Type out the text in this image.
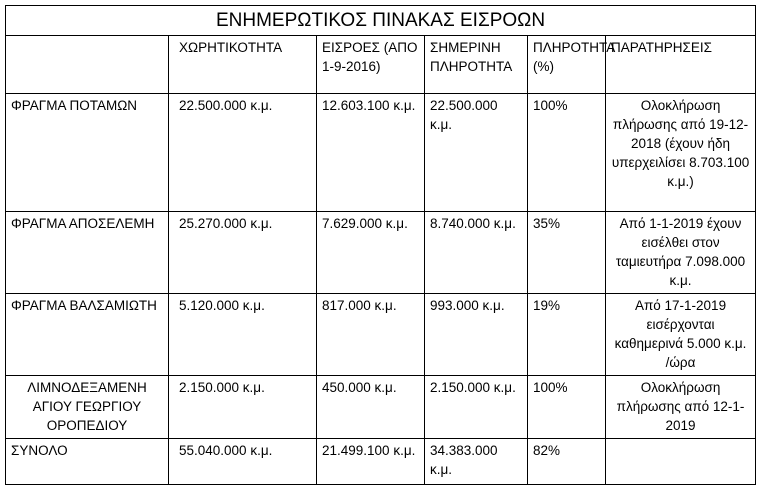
ΕΝΗΜΕΡΩΤΙΚΟΣ ΠΙΝΑΚΑΣ ΕΙΣΡΟΩΝ					
	ΧΩΡΗΤΙΚΟΤΗΤΑ	ΕΙΣΡΟΕΣ (ΑΠΟ 1-9-2016)	ΣΗΜΕΡΙΝΗ ΠΛΗΡΟΤΗΤΑ	ΠΛΗΡΟΤΗΤΑ (%)	ΠΑΡΑΤΗΡΗΣΕΙΣ
ΦΡΑΓΜΑ ΠΟΤΑΜΩΝ	22.500.000 κ.μ.	12.603.100 κ.μ.	22.500.000 κ.μ.	100%	Ολοκλήρωση πλήρωσης από 19-12-2018 (έχουν ήδη υπερχειλίσει 8.703.100 κ.μ.)
ΦΡΑΓΜΑ ΑΠΟΣΕΛΕΜΗ	25.270.000 κ.μ.	7.629.000 κ.μ.	8.740.000 κ.μ.	35%	Από 1-1-2019 έχουν εισέλθει στον ταμιευτήρα 7.098.000 κ.μ.
ΦΡΑΓΜΑ ΒΑΛΣΑΜΙΩΤΗ	5.120.000 κ.μ.	817.000 κ.μ.	993.000 κ.μ.	19%	Από 17-1-2019 εισέρχονται καθημερινά 5.000 κ.μ. /ώρα
ΛΙΜΝΟΔΕΞΑΜΕΝΗ ΑΓΙΟΥ ΓΕΩΡΓΙΟΥ ΟΡΟΠΕΔΙΟΥ	2.150.000 κ.μ.	450.000 κ.μ.	2.150.000 κ.μ.	100%	Ολοκλήρωση πλήρωσης από 12-1-2019
ΣΥΝΟΛΟ	55.040.000 κ.μ.	21.499.100 κ.μ.	34.383.000 κ.μ.	82%	
